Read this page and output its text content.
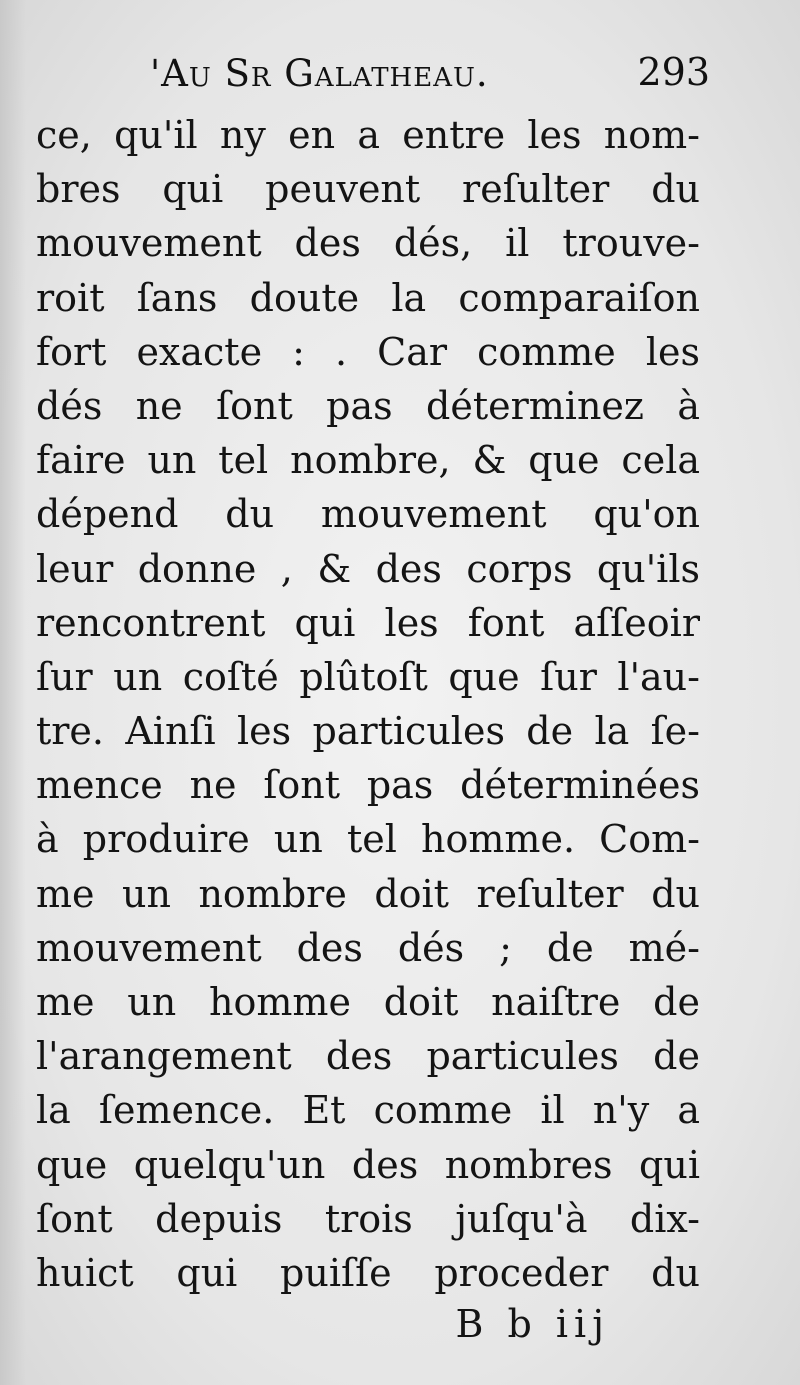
'Au Sr Galatheau.	293
ce, qu'il ny en a entre les nom-
bres qui peuvent reſulter du
mouvement des dés, il trouve-
roit ſans doute la comparaiſon
fort exacte : . Car comme les
dés ne ſont pas déterminez à
faire un tel nombre, & que cela
dépend du mouvement qu'on
leur donne , & des corps qu'ils
rencontrent qui les font aſſeoir
ſur un coſté plûtoſt que ſur l'au-
tre. Ainſi les particules de la ſe-
mence ne ſont pas déterminées
à produire un tel homme. Com-
me un nombre doit reſulter du
mouvement des dés ; de mé-
me un homme doit naiſtre de
l'arangement des particules de
la ſemence. Et comme il n'y a
que quelqu'un des nombres qui
ſont depuis trois juſqu'à dix-
huict qui puiſſe proceder du
B b iij
